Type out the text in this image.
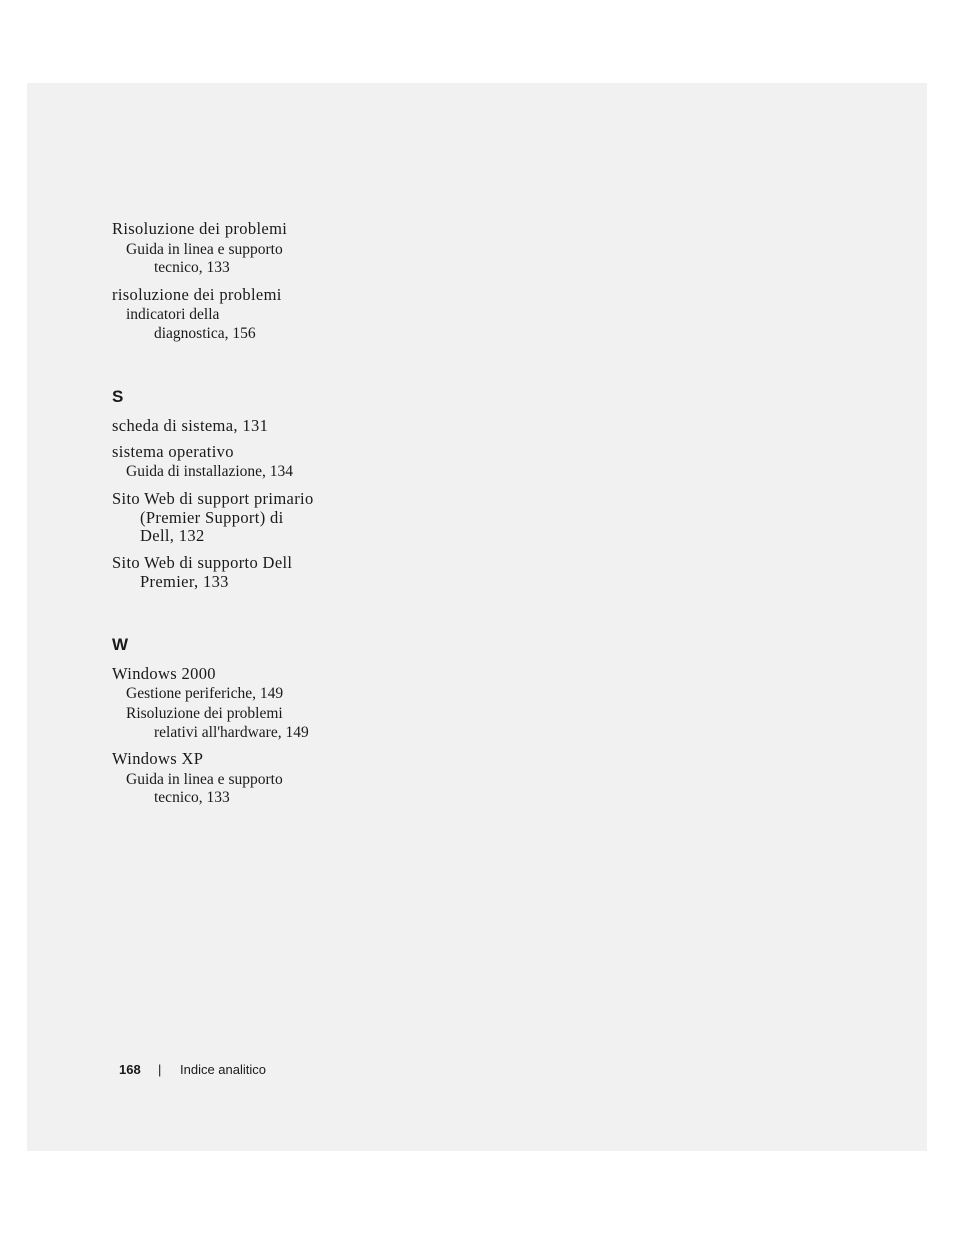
Risoluzione dei problemi
Guida in linea e supporto
tecnico, 133
risoluzione dei problemi
indicatori della
diagnostica, 156
S
scheda di sistema, 131
sistema operativo
Guida di installazione, 134
Sito Web di support primario
(Premier Support) di
Dell, 132
Sito Web di supporto Dell
Premier, 133
W
Windows 2000
Gestione periferiche, 149
Risoluzione dei problemi
relativi all'hardware, 149
Windows XP
Guida in linea e supporto
tecnico, 133
168 | Indice analitico
